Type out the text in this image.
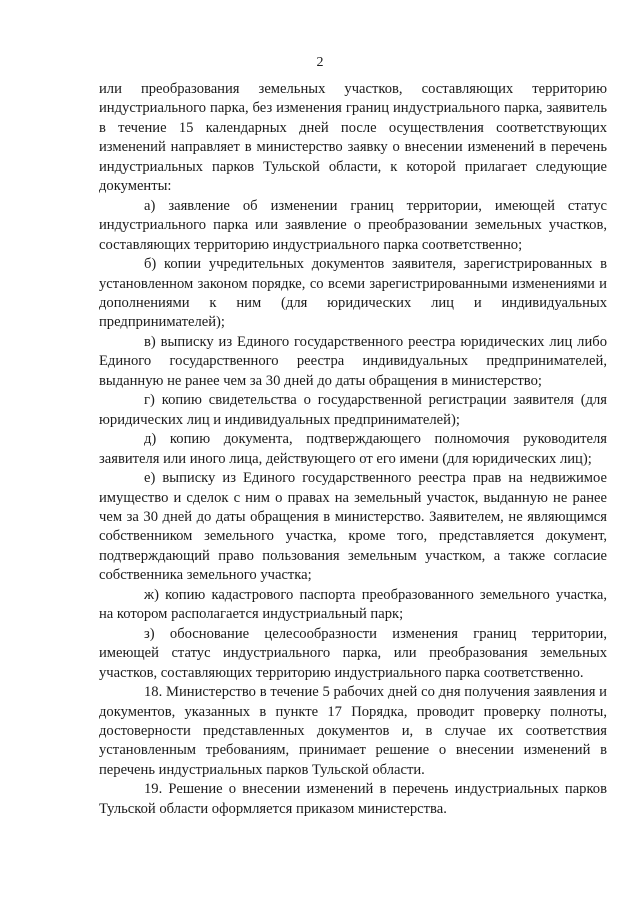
2

или преобразования земельных участков, составляющих территорию индустриального парка, без изменения границ индустриального парка, заявитель в течение 15 календарных дней после осуществления соответствующих изменений направляет в министерство заявку о внесении изменений в перечень индустриальных парков Тульской области, к которой прилагает следующие документы:

а) заявление об изменении границ территории, имеющей статус индустриального парка или заявление о преобразовании земельных участков, составляющих территорию индустриального парка соответственно;

б) копии учредительных документов заявителя, зарегистрированных в установленном законом порядке, со всеми зарегистрированными изменениями и дополнениями к ним (для юридических лиц и индивидуальных предпринимателей);

в) выписку из Единого государственного реестра юридических лиц либо Единого государственного реестра индивидуальных предпринимателей, выданную не ранее чем за 30 дней до даты обращения в министерство;

г) копию свидетельства о государственной регистрации заявителя (для юридических лиц и индивидуальных предпринимателей);

д) копию документа, подтверждающего полномочия руководителя заявителя или иного лица, действующего от его имени (для юридических лиц);

е) выписку из Единого государственного реестра прав на недвижимое имущество и сделок с ним о правах на земельный участок, выданную не ранее чем за 30 дней до даты обращения в министерство. Заявителем, не являющимся собственником земельного участка, кроме того, представляется документ, подтверждающий право пользования земельным участком, а также согласие собственника земельного участка;

ж) копию кадастрового паспорта преобразованного земельного участка, на котором располагается индустриальный парк;

з) обоснование целесообразности изменения границ территории, имеющей статус индустриального парка, или преобразования земельных участков, составляющих территорию индустриального парка соответственно.

18. Министерство в течение 5 рабочих дней со дня получения заявления и документов, указанных в пункте 17 Порядка, проводит проверку полноты, достоверности представленных документов и, в случае их соответствия установленным требованиям, принимает решение о внесении изменений в перечень индустриальных парков Тульской области.

19. Решение о внесении изменений в перечень индустриальных парков Тульской области оформляется приказом министерства.
